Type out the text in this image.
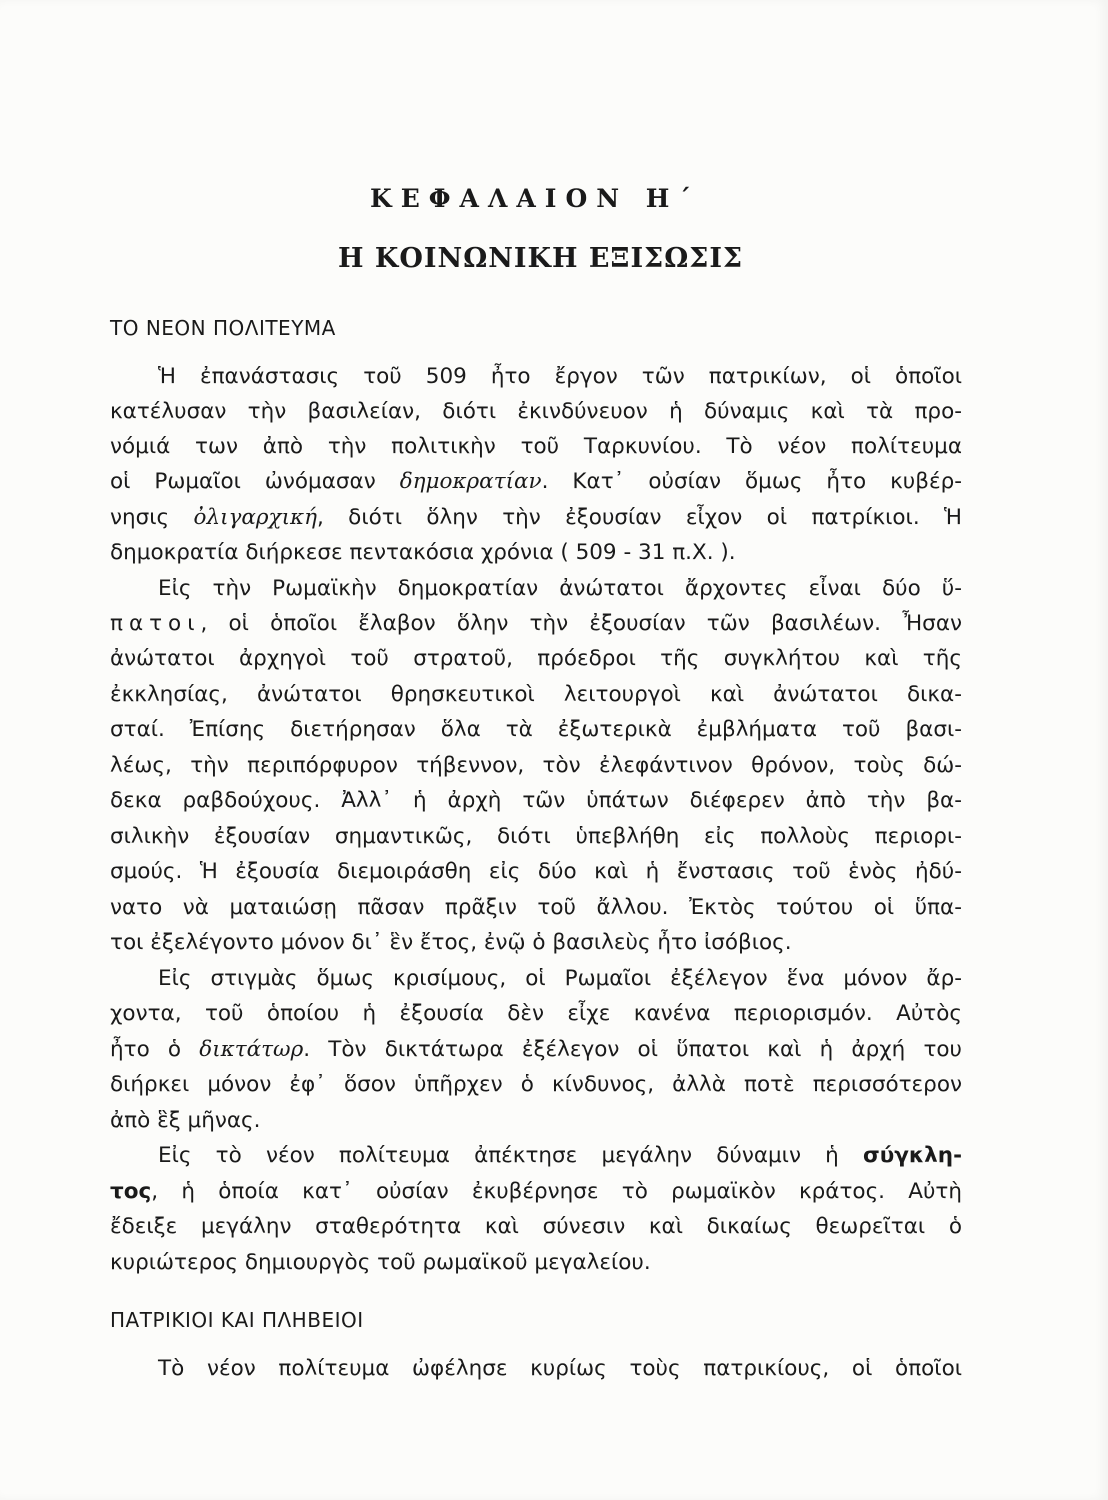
ΚΕΦΑΛΑΙΟΝ Η΄
Η ΚΟΙΝΩΝΙΚΗ ΕΞΙΣΩΣΙΣ
ΤΟ ΝΕΟΝ ΠΟΛΙΤΕΥΜΑ
Ἡ ἐπανάστασις τοῦ 509 ἦτο ἔργον τῶν πατρικίων, οἱ ὁποῖοι
κατέλυσαν τὴν βασιλείαν, διότι ἐκινδύνευον ἡ δύναμις καὶ τὰ προ-
νόμιά των ἀπὸ τὴν πολιτικὴν τοῦ Ταρκυνίου. Τὸ νέον πολίτευμα
οἱ Ρωμαῖοι ὠνόμασαν δημοκρατίαν. Κατ᾽ οὐσίαν ὅμως ἦτο κυβέρ-
νησις ὀλιγαρχική, διότι ὅλην τὴν ἐξουσίαν εἶχον οἱ πατρίκιοι. Ἡ
δημοκρατία διήρκεσε πεντακόσια χρόνια ( 509 - 31 π.Χ. ).
Εἰς τὴν Ρωμαϊκὴν δημοκρατίαν ἀνώτατοι ἄρχοντες εἶναι δύο ὕ-
πατοι, οἱ ὁποῖοι ἔλαβον ὅλην τὴν ἐξουσίαν τῶν βασιλέων. Ἦσαν
ἀνώτατοι ἀρχηγοὶ τοῦ στρατοῦ, πρόεδροι τῆς συγκλήτου καὶ τῆς
ἐκκλησίας, ἀνώτατοι θρησκευτικοὶ λειτουργοὶ καὶ ἀνώτατοι δικα-
σταί. Ἐπίσης διετήρησαν ὅλα τὰ ἐξωτερικὰ ἐμβλήματα τοῦ βασι-
λέως, τὴν περιπόρφυρον τήβεννον, τὸν ἐλεφάντινον θρόνον, τοὺς δώ-
δεκα ραβδούχους. Ἀλλ᾽ ἡ ἀρχὴ τῶν ὑπάτων διέφερεν ἀπὸ τὴν βα-
σιλικὴν ἐξουσίαν σημαντικῶς, διότι ὑπεβλήθη εἰς πολλοὺς περιορι-
σμούς. Ἡ ἐξουσία διεμοιράσθη εἰς δύο καὶ ἡ ἔνστασις τοῦ ἑνὸς ἠδύ-
νατο νὰ ματαιώσῃ πᾶσαν πρᾶξιν τοῦ ἄλλου. Ἐκτὸς τούτου οἱ ὕπα-
τοι ἐξελέγοντο μόνον δι᾽ ἓν ἔτος, ἐνῷ ὁ βασιλεὺς ἦτο ἰσόβιος.
Εἰς στιγμὰς ὅμως κρισίμους, οἱ Ρωμαῖοι ἐξέλεγον ἕνα μόνον ἄρ-
χοντα, τοῦ ὁποίου ἡ ἐξουσία δὲν εἶχε κανένα περιορισμόν. Αὐτὸς
ἦτο ὁ δικτάτωρ. Τὸν δικτάτωρα ἐξέλεγον οἱ ὕπατοι καὶ ἡ ἀρχή του
διήρκει μόνον ἐφ᾽ ὅσον ὑπῆρχεν ὁ κίνδυνος, ἀλλὰ ποτὲ περισσότερον
ἀπὸ ἓξ μῆνας.
Εἰς τὸ νέον πολίτευμα ἀπέκτησε μεγάλην δύναμιν ἡ σύγκλη-
τος, ἡ ὁποία κατ᾽ οὐσίαν ἐκυβέρνησε τὸ ρωμαϊκὸν κράτος. Αὐτὴ
ἔδειξε μεγάλην σταθερότητα καὶ σύνεσιν καὶ δικαίως θεωρεῖται ὁ
κυριώτερος δημιουργὸς τοῦ ρωμαϊκοῦ μεγαλείου.
ΠΑΤΡΙΚΙΟΙ ΚΑΙ ΠΛΗΒΕΙΟΙ
Τὸ νέον πολίτευμα ὠφέλησε κυρίως τοὺς πατρικίους, οἱ ὁποῖοι
